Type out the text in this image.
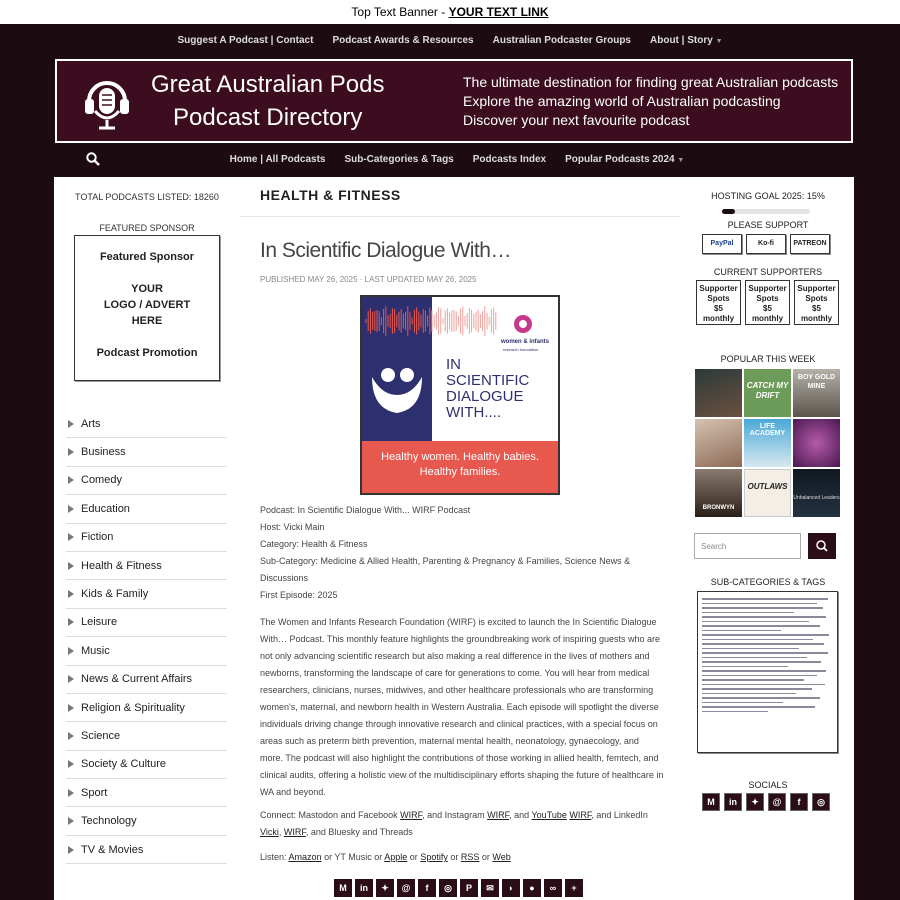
Top Text Banner - YOUR TEXT LINK
Suggest A Podcast | Contact Podcast Awards & Resources Australian Podcaster Groups About | Story ▼
Great Australian Pods
Podcast Directory
The ultimate destination for finding great Australian podcasts
Explore the amazing world of Australian podcasting
Discover your next favourite podcast
Home | All Podcasts Sub-Categories & Tags Podcasts Index Popular Podcasts 2024 ▼
TOTAL PODCASTS LISTED: 18260
FEATURED SPONSOR
Featured Sponsor
YOUR
LOGO / ADVERT
HERE
Podcast Promotion
Arts
Business
Comedy
Education
Fiction
Health & Fitness
Kids & Family
Leisure
Music
News & Current Affairs
Religion & Spirituality
Science
Society & Culture
Sport
Technology
TV & Movies
HEALTH & FITNESS
In Scientific Dialogue With…
PUBLISHED MAY 26, 2025 · LAST UPDATED MAY 26, 2025
women & infants
research foundation
IN
SCIENTIFIC
DIALOGUE
WITH....
Healthy women. Healthy babies.
Healthy families.
Podcast: In Scientific Dialogue With... WIRF Podcast
Host: Vicki Main
Category: Health & Fitness
Sub-Category: Medicine & Allied Health, Parenting & Pregnancy & Families, Science News &
Discussions
First Episode: 2025
The Women and Infants Research Foundation (WIRF) is excited to launch the In Scientific Dialogue With… Podcast. This monthly feature highlights the groundbreaking work of inspiring guests who are not only advancing scientific research but also making a real difference in the lives of mothers and newborns, transforming the landscape of care for generations to come. You will hear from medical researchers, clinicians, nurses, midwives, and other healthcare professionals who are transforming women's, maternal, and newborn health in Western Australia. Each episode will spotlight the diverse individuals driving change through innovative research and clinical practices, with a special focus on areas such as preterm birth prevention, maternal mental health, neonatology, gynaecology, and more. The podcast will also highlight the contributions of those working in allied health, femtech, and clinical audits, offering a holistic view of the multidisciplinary efforts shaping the future of healthcare in WA and beyond.
Connect: Mastodon and Facebook WIRF, and Instagram WIRF, and YouTube WIRF, and LinkedIn Vicki, WIRF, and Bluesky and Threads
Listen: Amazon or YT Music or Apple or Spotify or RSS or Web
M	in	✦	@	f	◎	P	✉	◗	●	∞	+
HOSTING GOAL 2025: 15%
PLEASE SUPPORT
PayPal	Ko-fi	PATREON
CURRENT SUPPORTERS
Supporter
Spots
$5
monthly
Supporter
Spots
$5
monthly
Supporter
Spots
$5
monthly
POPULAR THIS WEEK
CATCH MY DRIFT
BOY GOLD MINE
LIFE ACADEMY
BRONWYN
OUTLAWS
Unbalanced Leaders
Search
SUB-CATEGORIES & TAGS
SOCIALS
M	in	✦	@	f	◎
